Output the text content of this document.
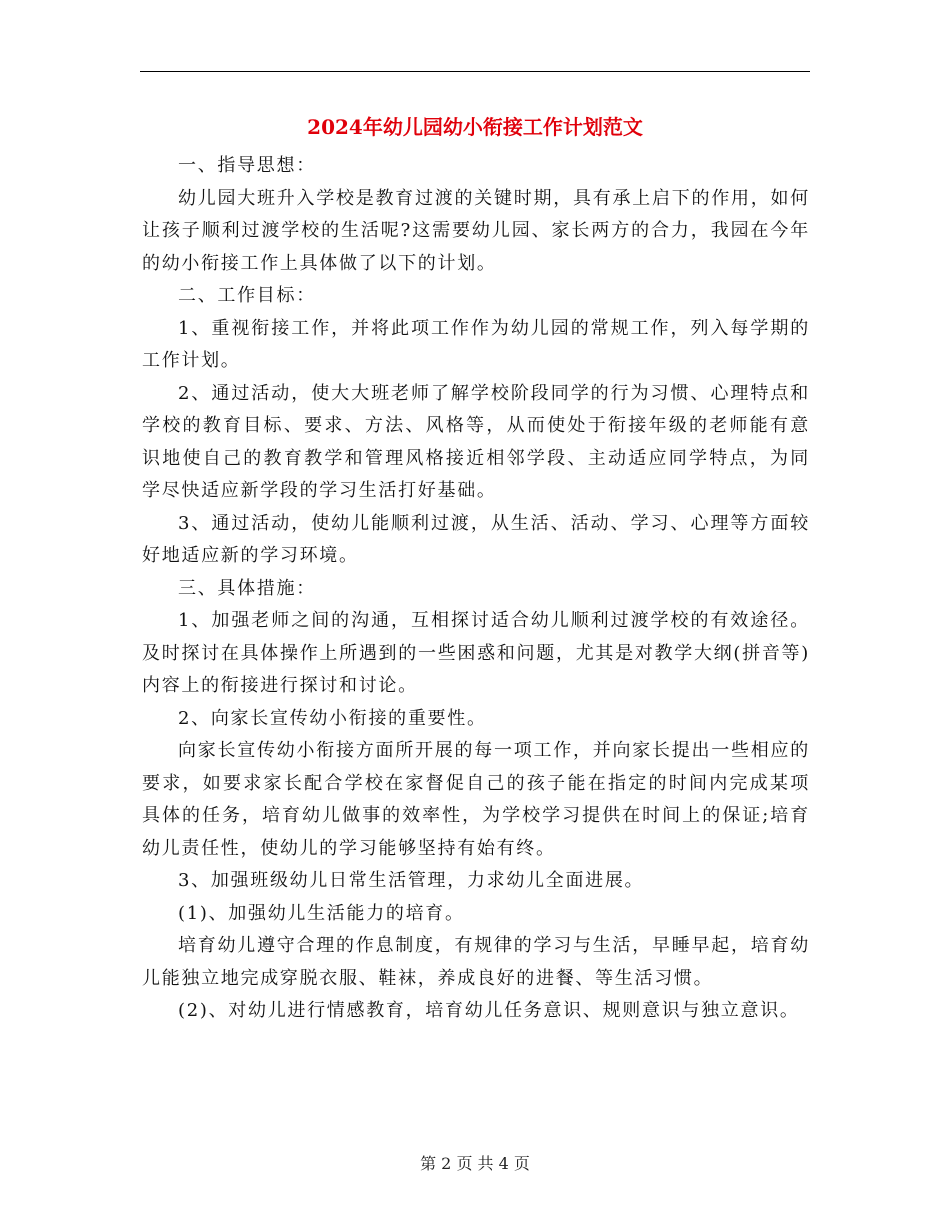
2024年幼儿园幼小衔接工作计划范文

一、指导思想：

幼儿园大班升入学校是教育过渡的关键时期，具有承上启下的作用，如何让孩子顺利过渡学校的生活呢?这需要幼儿园、家长两方的合力，我园在今年的幼小衔接工作上具体做了以下的计划。

二、工作目标：

1、重视衔接工作，并将此项工作作为幼儿园的常规工作，列入每学期的工作计划。

2、通过活动，使大大班老师了解学校阶段同学的行为习惯、心理特点和学校的教育目标、要求、方法、风格等，从而使处于衔接年级的老师能有意识地使自己的教育教学和管理风格接近相邻学段、主动适应同学特点，为同学尽快适应新学段的学习生活打好基础。

3、通过活动，使幼儿能顺利过渡，从生活、活动、学习、心理等方面较好地适应新的学习环境。

三、具体措施：

1、加强老师之间的沟通，互相探讨适合幼儿顺利过渡学校的有效途径。及时探讨在具体操作上所遇到的一些困惑和问题，尤其是对教学大纲(拼音等)内容上的衔接进行探讨和讨论。

2、向家长宣传幼小衔接的重要性。

向家长宣传幼小衔接方面所开展的每一项工作，并向家长提出一些相应的要求，如要求家长配合学校在家督促自己的孩子能在指定的时间内完成某项具体的任务，培育幼儿做事的效率性，为学校学习提供在时间上的保证;培育幼儿责任性，使幼儿的学习能够坚持有始有终。

3、加强班级幼儿日常生活管理，力求幼儿全面进展。

(1)、加强幼儿生活能力的培育。

培育幼儿遵守合理的作息制度，有规律的学习与生活，早睡早起，培育幼儿能独立地完成穿脱衣服、鞋袜，养成良好的进餐、等生活习惯。

(2)、对幼儿进行情感教育，培育幼儿任务意识、规则意识与独立意识。

第 2 页 共 4 页
